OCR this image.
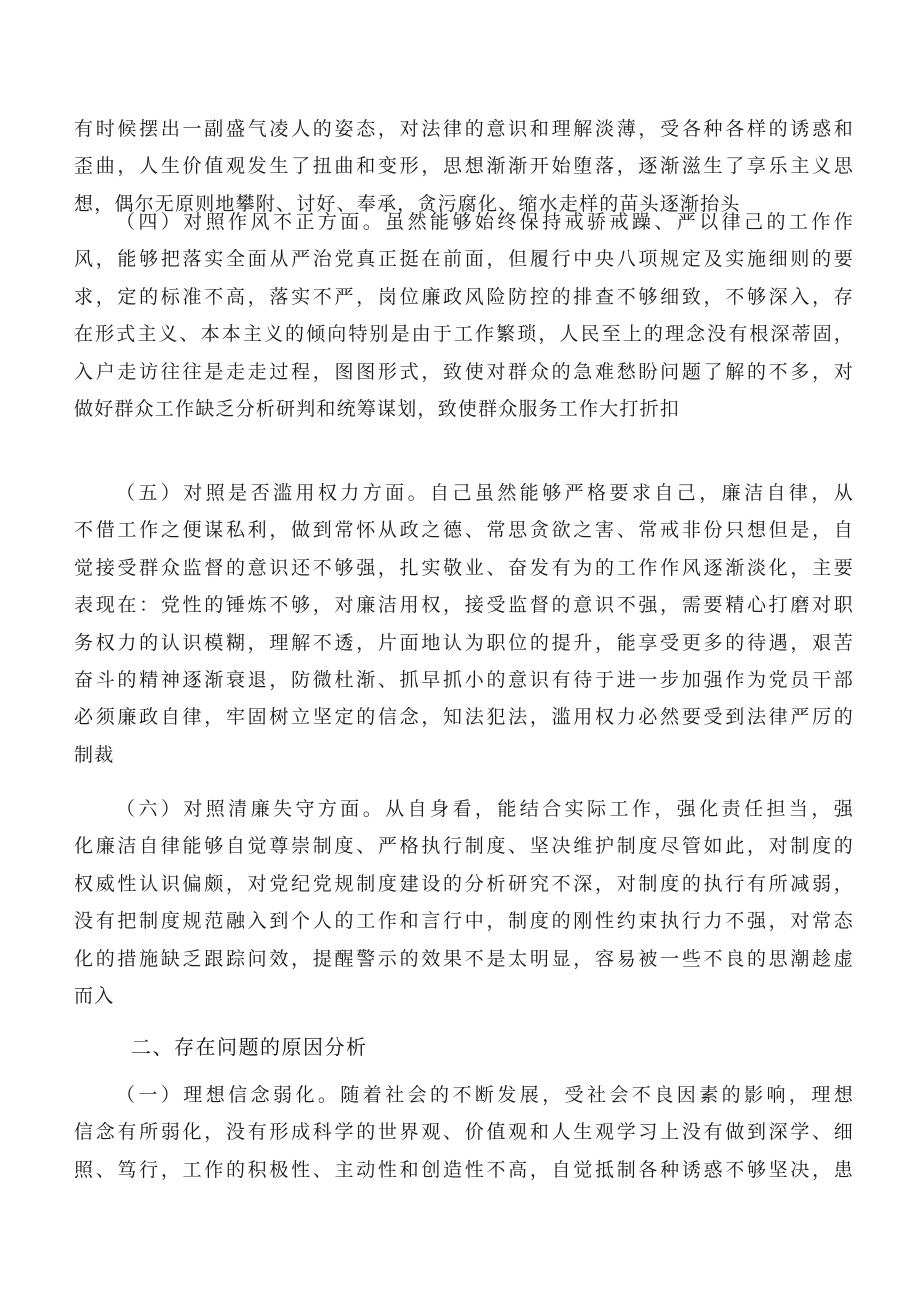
有时候摆出一副盛气凌人的姿态，对法律的意识和理解淡薄，受各种各样的诱惑和
歪曲，人生价值观发生了扭曲和变形，思想渐渐开始堕落，逐渐滋生了享乐主义思
想，偶尔无原则地攀附、讨好、奉承，贪污腐化、缩水走样的苗头逐渐抬头
（四）对照作风不正方面。虽然能够始终保持戒骄戒躁、严以律己的工作作
风，能够把落实全面从严治党真正挺在前面，但履行中央八项规定及实施细则的要
求，定的标准不高，落实不严，岗位廉政风险防控的排查不够细致，不够深入，存
在形式主义、本本主义的倾向特别是由于工作繁琐，人民至上的理念没有根深蒂固，
入户走访往往是走走过程，图图形式，致使对群众的急难愁盼问题了解的不多，对
做好群众工作缺乏分析研判和统筹谋划，致使群众服务工作大打折扣
（五）对照是否滥用权力方面。自己虽然能够严格要求自己，廉洁自律，从
不借工作之便谋私利，做到常怀从政之德、常思贪欲之害、常戒非份只想但是，自
觉接受群众监督的意识还不够强，扎实敬业、奋发有为的工作作风逐渐淡化，主要
表现在：党性的锤炼不够，对廉洁用权，接受监督的意识不强，需要精心打磨对职
务权力的认识模糊，理解不透，片面地认为职位的提升，能享受更多的待遇，艰苦
奋斗的精神逐渐衰退，防微杜渐、抓早抓小的意识有待于进一步加强作为党员干部
必须廉政自律，牢固树立坚定的信念，知法犯法，滥用权力必然要受到法律严厉的
制裁
（六）对照清廉失守方面。从自身看，能结合实际工作，强化责任担当，强
化廉洁自律能够自觉尊崇制度、严格执行制度、坚决维护制度尽管如此，对制度的
权威性认识偏颇，对党纪党规制度建设的分析研究不深，对制度的执行有所减弱，
没有把制度规范融入到个人的工作和言行中，制度的刚性约束执行力不强，对常态
化的措施缺乏跟踪问效，提醒警示的效果不是太明显，容易被一些不良的思潮趁虚
而入
二、存在问题的原因分析
（一）理想信念弱化。随着社会的不断发展，受社会不良因素的影响，理想
信念有所弱化，没有形成科学的世界观、价值观和人生观学习上没有做到深学、细
照、笃行，工作的积极性、主动性和创造性不高，自觉抵制各种诱惑不够坚决，患
